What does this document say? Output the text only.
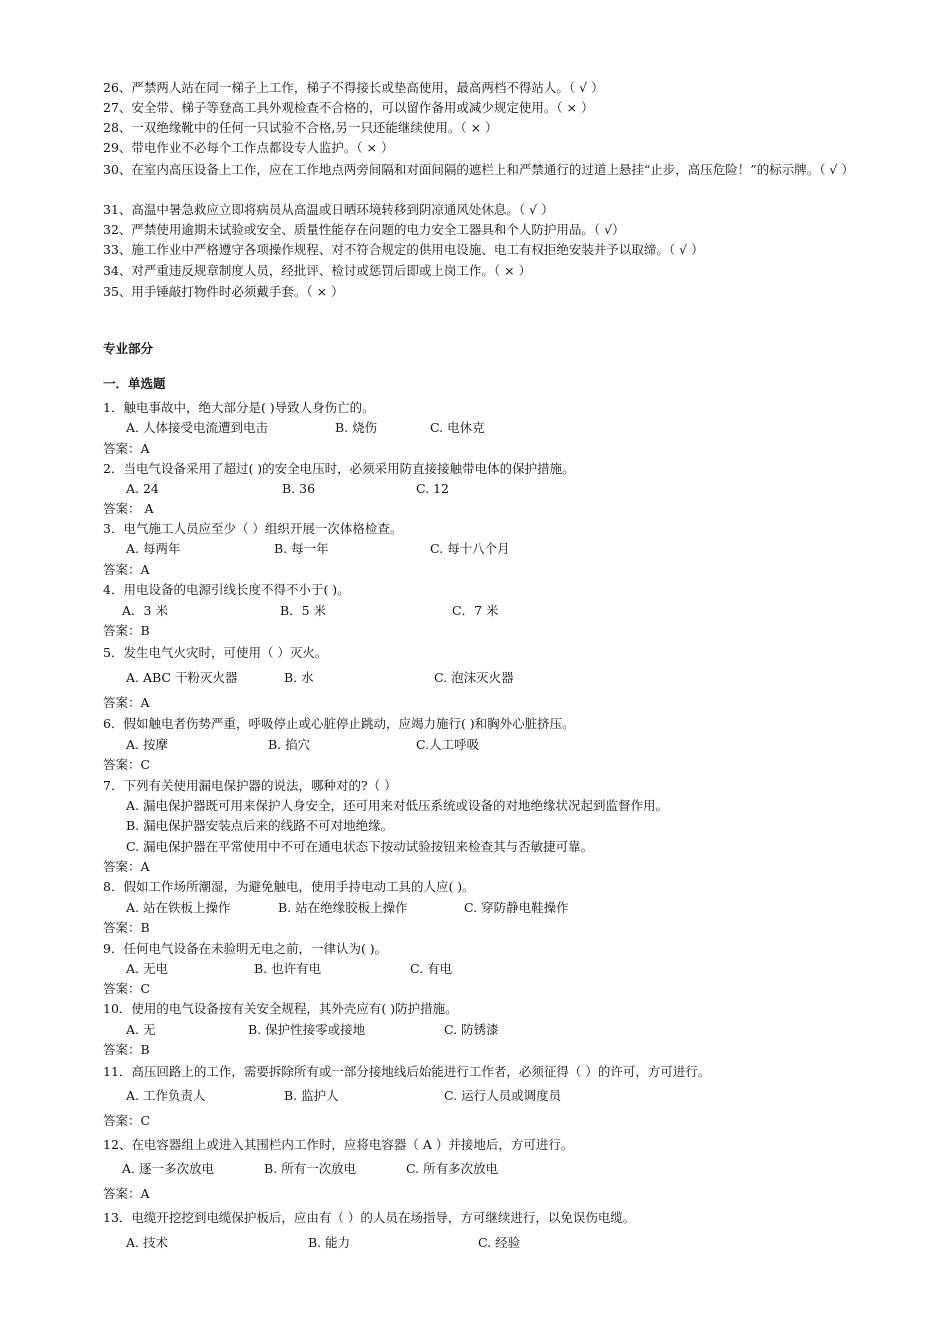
26、严禁两人站在同一梯子上工作，梯子不得接长或垫高使用，最高两档不得站人。（ √ ）
27、安全带、梯子等登高工具外观检查不合格的，可以留作备用或减少规定使用。（ × ）
28、一双绝缘靴中的任何一只试验不合格,另一只还能继续使用。（ × ）
29、带电作业不必每个工作点都设专人监护。（ × ）
30、在室内高压设备上工作，应在工作地点两旁间隔和对面间隔的遮栏上和严禁通行的过道上悬挂“止步，高压危险！”的标示牌。（ √ ）
31、高温中暑急救应立即将病员从高温或日晒环境转移到阴凉通风处休息。（ √ ）
32、严禁使用逾期未试验或安全、质量性能存在问题的电力安全工器具和个人防护用品。（ √）
33、施工作业中严格遵守各项操作规程、对不符合规定的供用电设施、电工有权拒绝安装并予以取缔。（ √ ）
34、对严重违反规章制度人员，经批评、检讨或惩罚后即或上岗工作。（ × ）
35、用手锤敲打物件时必须戴手套。（ × ）
专业部分
一．单选题
1．触电事故中，绝大部分是( )导致人身伤亡的。
A. 人体接受电流遭到电击	B. 烧伤	C. 电休克
答案：A
2．当电气设备采用了超过( )的安全电压时，必须采用防直接接触带电体的保护措施。
A. 24	B. 36	C. 12
答案： A
3．电气施工人员应至少（ ）组织开展一次体格检查。
A. 每两年	B. 每一年	C. 每十八个月
答案：A
4．用电设备的电源引线长度不得不小于( )。
A．3 米	B．5 米	C．7 米
答案：B
5．发生电气火灾时，可使用（ ）灭火。
A. ABC 干粉灭火器	B. 水	C. 泡沫灭火器
答案：A
6．假如触电者伤势严重，呼吸停止或心脏停止跳动，应竭力施行( )和胸外心脏挤压。
A. 按摩	B. 掐穴	C.人工呼吸
答案：C
7．下列有关使用漏电保护器的说法，哪种对的?（ ）
A. 漏电保护器既可用来保护人身安全，还可用来对低压系统或设备的对地绝缘状况起到监督作用。
B. 漏电保护器安装点后来的线路不可对地绝缘。
C. 漏电保护器在平常使用中不可在通电状态下按动试验按钮来检查其与否敏捷可靠。
答案：A
8．假如工作场所潮湿，为避免触电，使用手持电动工具的人应( )。
A. 站在铁板上操作	B. 站在绝缘胶板上操作	C. 穿防静电鞋操作
答案：B
9．任何电气设备在未验明无电之前，一律认为( )。
A. 无电	B. 也许有电	C. 有电
答案：C
10．使用的电气设备按有关安全规程，其外壳应有( )防护措施。
A. 无	B. 保护性接零或接地	C. 防锈漆
答案：B
11．高压回路上的工作，需要拆除所有或一部分接地线后始能进行工作者，必须征得（ ）的许可，方可进行。
A. 工作负责人	B. 监护人	C. 运行人员或调度员
答案：C
12、在电容器组上或进入其围栏内工作时，应将电容器（ A ）并接地后，方可进行。
A. 逐一多次放电	B. 所有一次放电	C. 所有多次放电
答案：A
13．电缆开挖挖到电缆保护板后，应由有（ ）的人员在场指导，方可继续进行，以免误伤电缆。
A. 技术	B. 能力	C. 经验
